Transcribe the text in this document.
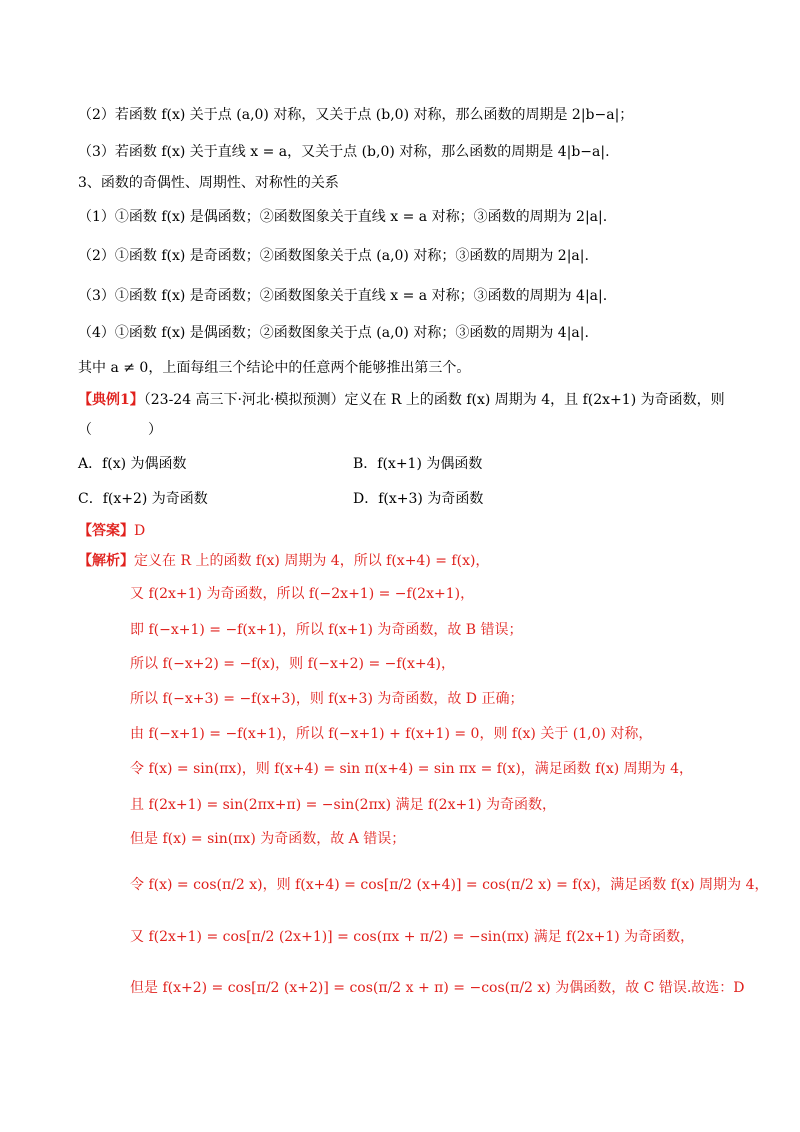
（2）若函数 f(x) 关于点 (a,0) 对称，又关于点 (b,0) 对称，那么函数的周期是 2|b−a|；
（3）若函数 f(x) 关于直线 x = a，又关于点 (b,0) 对称，那么函数的周期是 4|b−a|.
3、函数的奇偶性、周期性、对称性的关系
（1）①函数 f(x) 是偶函数；②函数图象关于直线 x = a 对称；③函数的周期为 2|a|.
（2）①函数 f(x) 是奇函数；②函数图象关于点 (a,0) 对称；③函数的周期为 2|a|.
（3）①函数 f(x) 是奇函数；②函数图象关于直线 x = a 对称；③函数的周期为 4|a|.
（4）①函数 f(x) 是偶函数；②函数图象关于点 (a,0) 对称；③函数的周期为 4|a|.
其中 a ≠ 0，上面每组三个结论中的任意两个能够推出第三个。
【典例1】（23-24 高三下·河北·模拟预测）定义在 R 上的函数 f(x) 周期为 4，且 f(2x+1) 为奇函数，则
（　　　　）
A．f(x) 为偶函数	B．f(x+1) 为偶函数
C．f(x+2) 为奇函数	D．f(x+3) 为奇函数
【答案】D
【解析】定义在 R 上的函数 f(x) 周期为 4，所以 f(x+4) = f(x)，
又 f(2x+1) 为奇函数，所以 f(−2x+1) = −f(2x+1)，
即 f(−x+1) = −f(x+1)，所以 f(x+1) 为奇函数，故 B 错误；
所以 f(−x+2) = −f(x)，则 f(−x+2) = −f(x+4)，
所以 f(−x+3) = −f(x+3)，则 f(x+3) 为奇函数，故 D 正确；
由 f(−x+1) = −f(x+1)，所以 f(−x+1) + f(x+1) = 0，则 f(x) 关于 (1,0) 对称，
令 f(x) = sin(πx)，则 f(x+4) = sin π(x+4) = sin πx = f(x)，满足函数 f(x) 周期为 4，
且 f(2x+1) = sin(2πx+π) = −sin(2πx) 满足 f(2x+1) 为奇函数，
但是 f(x) = sin(πx) 为奇函数，故 A 错误；
令 f(x) = cos(π/2 x)，则 f(x+4) = cos[π/2 (x+4)] = cos(π/2 x) = f(x)，满足函数 f(x) 周期为 4，
又 f(2x+1) = cos[π/2 (2x+1)] = cos(πx + π/2) = −sin(πx) 满足 f(2x+1) 为奇函数，
但是 f(x+2) = cos[π/2 (x+2)] = cos(π/2 x + π) = −cos(π/2 x) 为偶函数，故 C 错误.故选：D
